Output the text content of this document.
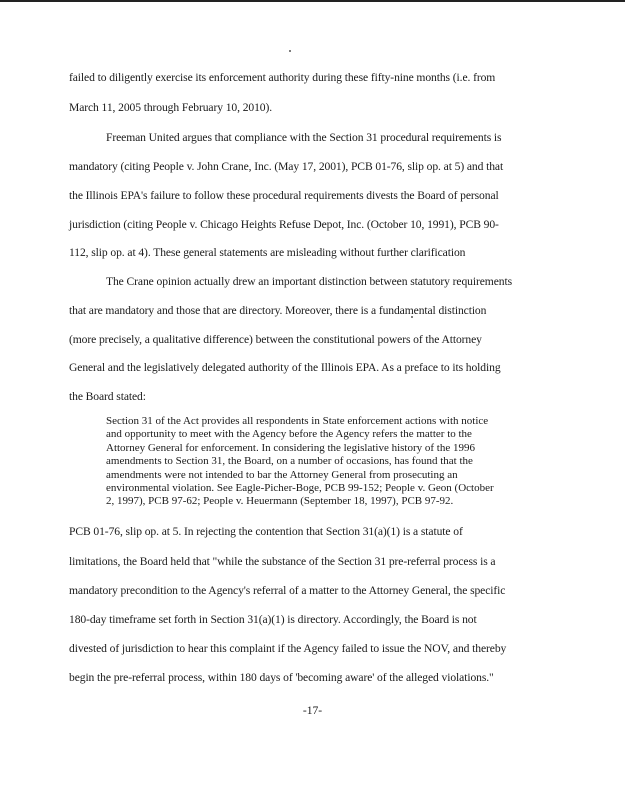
failed to diligently exercise its enforcement authority during these fifty-nine months (i.e. from
March 11, 2005 through February 10, 2010).
Freeman United argues that compliance with the Section 31 procedural requirements is
mandatory (citing People v. John Crane, Inc. (May 17, 2001), PCB 01-76, slip op. at 5) and that
the Illinois EPA's failure to follow these procedural requirements divests the Board of personal
jurisdiction (citing People v. Chicago Heights Refuse Depot, Inc. (October 10, 1991), PCB 90-
112, slip op. at 4). These general statements are misleading without further clarification
The Crane opinion actually drew an important distinction between statutory requirements
that are mandatory and those that are directory. Moreover, there is a fundamental distinction
(more precisely, a qualitative difference) between the constitutional powers of the Attorney
General and the legislatively delegated authority of the Illinois EPA. As a preface to its holding
the Board stated:
Section 31 of the Act provides all respondents in State enforcement actions with notice
and opportunity to meet with the Agency before the Agency refers the matter to the
Attorney General for enforcement. In considering the legislative history of the 1996
amendments to Section 31, the Board, on a number of occasions, has found that the
amendments were not intended to bar the Attorney General from prosecuting an
environmental violation. See Eagle-Picher-Boge, PCB 99-152; People v. Geon (October
2, 1997), PCB 97-62; People v. Heuermann (September 18, 1997), PCB 97-92.
PCB 01-76, slip op. at 5. In rejecting the contention that Section 31(a)(1) is a statute of
limitations, the Board held that "while the substance of the Section 31 pre-referral process is a
mandatory precondition to the Agency's referral of a matter to the Attorney General, the specific
180-day timeframe set forth in Section 31(a)(1) is directory. Accordingly, the Board is not
divested of jurisdiction to hear this complaint if the Agency failed to issue the NOV, and thereby
begin the pre-referral process, within 180 days of 'becoming aware' of the alleged violations."
-17-
